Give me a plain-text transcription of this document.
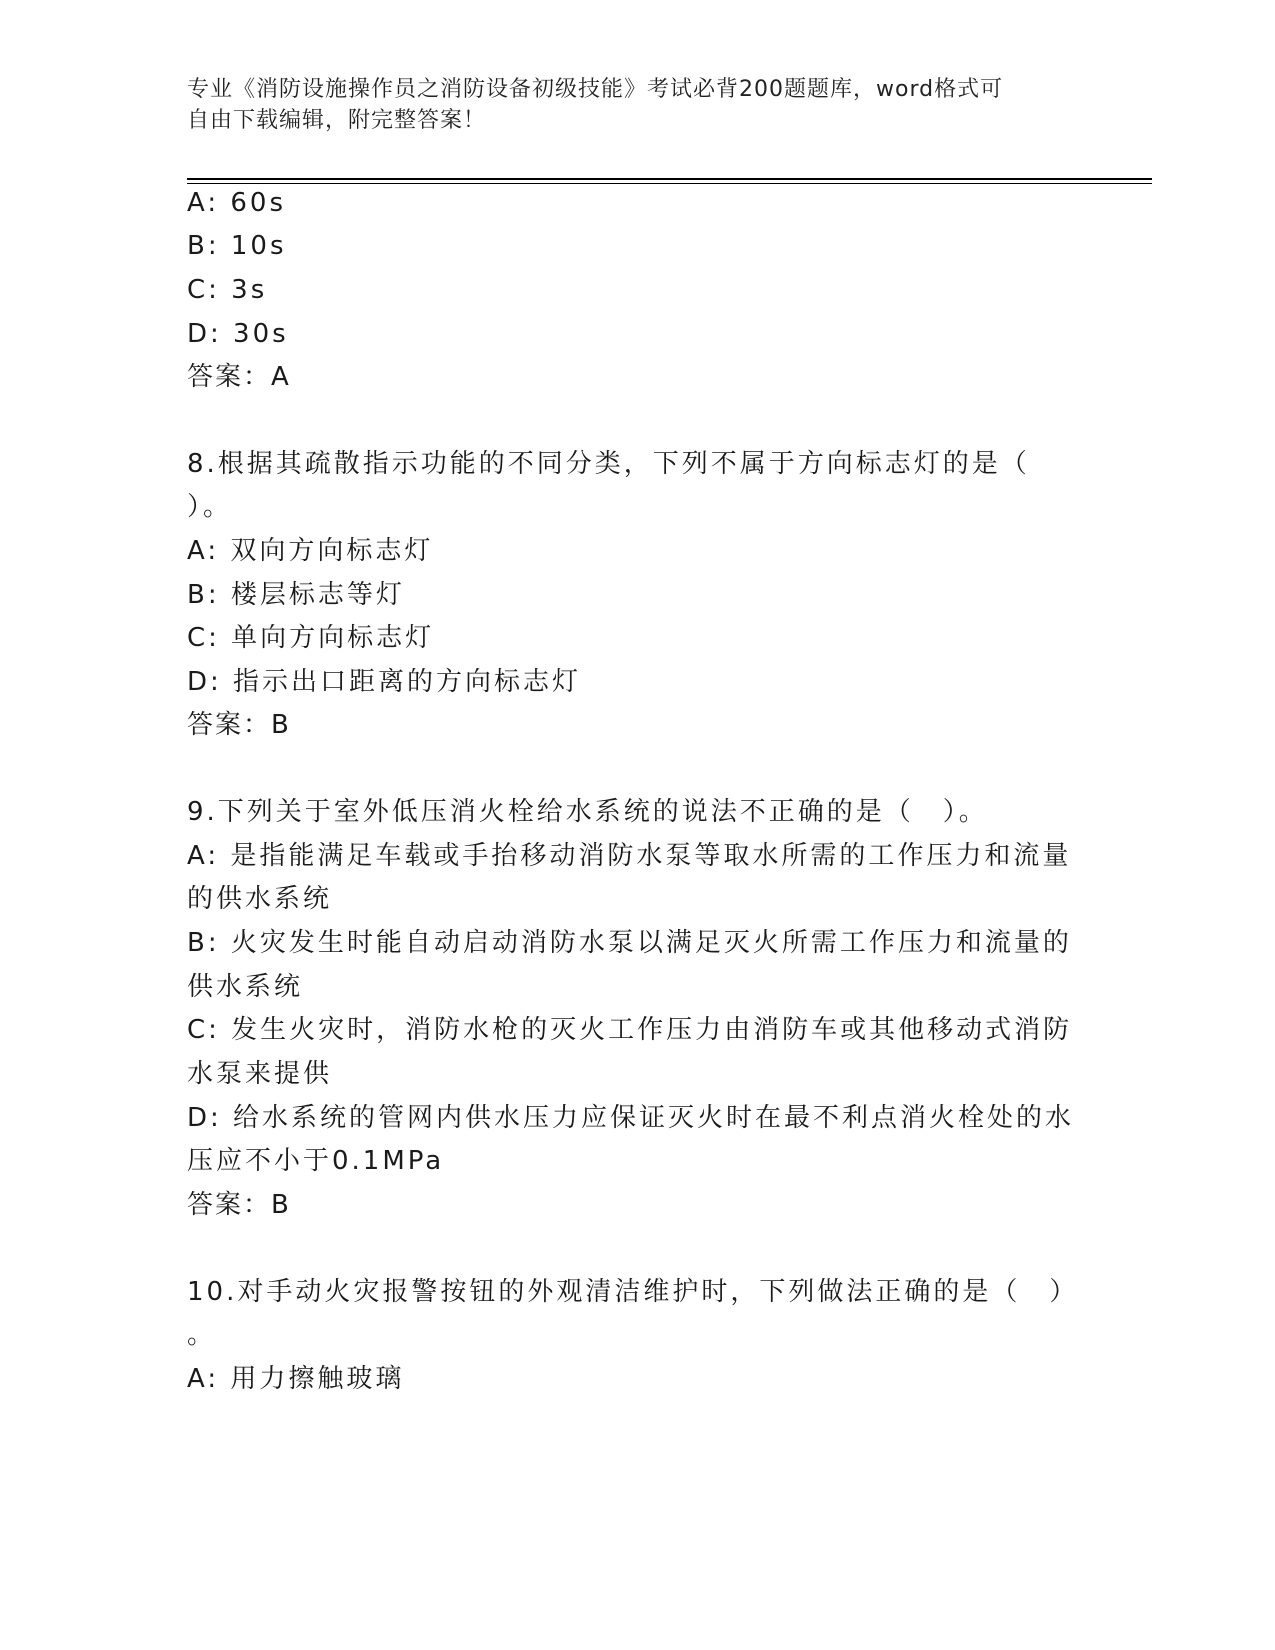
专业《消防设施操作员之消防设备初级技能》考试必背200题题库，word格式可
自由下载编辑，附完整答案！
A: 60s
B: 10s
C: 3s
D: 30s
答案：A
8.根据其疏散指示功能的不同分类，下列不属于方向标志灯的是（
）。
A: 双向方向标志灯
B: 楼层标志等灯
C: 单向方向标志灯
D: 指示出口距离的方向标志灯
答案：B
9.下列关于室外低压消火栓给水系统的说法不正确的是（　）。
A: 是指能满足车载或手抬移动消防水泵等取水所需的工作压力和流量
的供水系统
B: 火灾发生时能自动启动消防水泵以满足灭火所需工作压力和流量的
供水系统
C: 发生火灾时，消防水枪的灭火工作压力由消防车或其他移动式消防
水泵来提供
D: 给水系统的管网内供水压力应保证灭火时在最不利点消火栓处的水
压应不小于0.1MPa
答案：B
10.对手动火灾报警按钮的外观清洁维护时，下列做法正确的是（　）
。
A: 用力擦触玻璃
